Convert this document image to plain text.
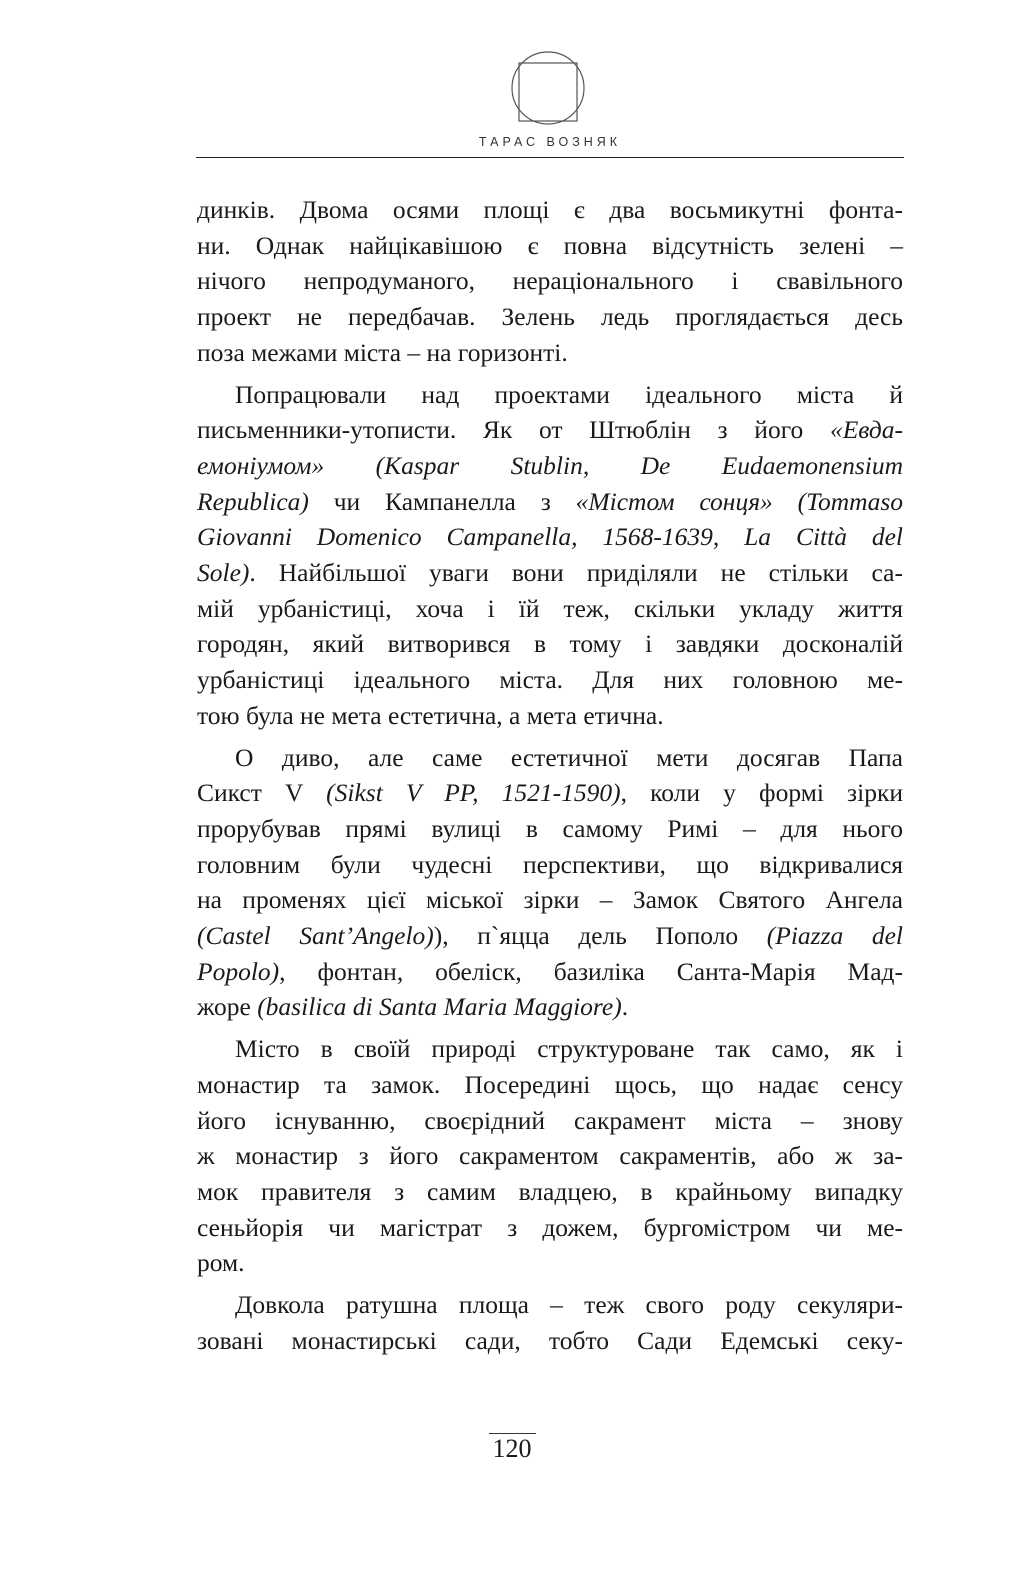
ТАРАС ВОЗНЯК
динків. Двома осями площі є два восьмикутні фонта-
ни. Однак найцікавішою є повна відсутність зелені –
нічого непродуманого, нераціонального і свавільного
проект не передбачав. Зелень ледь проглядається десь
поза межами міста – на горизонті.
Попрацювали над проектами ідеального міста й
письменники-утописти. Як от Штюблін з його «Евда-
емоніумом» (Kaspar Stublin, De Eudaemonensium
Republica) чи Кампанелла з «Містом сонця» (Tommaso
Giovanni Domenico Campanella, 1568-1639, La Città del
Sole). Найбільшої уваги вони приділяли не стільки са-
мій урбаністиці, хоча і їй теж, скільки укладу життя
городян, який витворився в тому і завдяки досконалій
урбаністиці ідеального міста. Для них головною ме-
тою була не мета естетична, а мета етична.
О диво, але саме естетичної мети досягав Папа
Сикст V (Sikst V PP, 1521-1590), коли у формі зірки
прорубував прямі вулиці в самому Римі – для нього
головним були чудесні перспективи, що відкривалися
на променях цієї міської зірки – Замок Святого Ангела
(Castel Sant’Angelo)), п`яцца дель Пополо (Piazza del
Popolo), фонтан, обеліск, базиліка Санта-Марія Мад-
жоре (basilica di Santa Maria Maggiore).
Місто в своїй природі структуроване так само, як і
монастир та замок. Посередині щось, що надає сенсу
його існуванню, своєрідний сакрамент міста – знову
ж монастир з його сакраментом сакраментів, або ж за-
мок правителя з самим владцею, в крайньому випадку
сеньйорія чи магістрат з дожем, бургомістром чи ме-
ром.
Довкола ратушна площа – теж свого роду секуляри-
зовані монастирські сади, тобто Сади Едемські секу-
120
